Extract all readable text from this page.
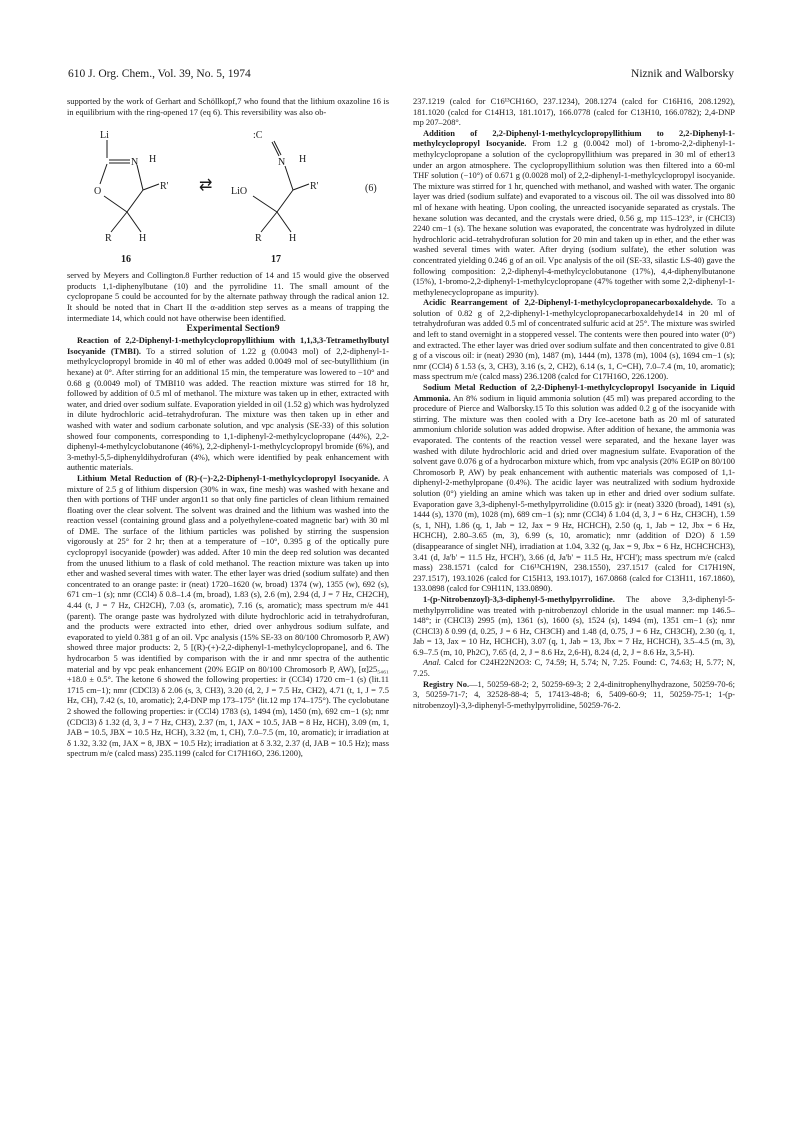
610 J. Org. Chem., Vol. 39, No. 5, 1974	Niznik and Walborsky

supported by the work of Gerhart and Schöllkopf,7 who found that the lithium oxazoline 16 is in equilibrium with the ring-opened 17 (eq 6). This reversibility was also ob-

Li
N H
O	R'
R	H
⇄
:C
N H
LiO	R'
R	H
(6)
16	17

served by Meyers and Collington.8 Further reduction of 14 and 15 would give the observed products 1,1-diphenylbutane (10) and the pyrrolidine 11. The small amount of the cyclopropane 5 could be accounted for by the alternate pathway through the radical anion 12. It should be noted that in Chart II the α-addition step serves as a means of trapping the intermediate 14, which could not have otherwise been identified.

Experimental Section9

Reaction of 2,2-Diphenyl-1-methylcyclopropyllithium with 1,1,3,3-Tetramethylbutyl Isocyanide (TMBI). To a stirred solution of 1.22 g (0.0043 mol) of 2,2-diphenyl-1-methylcyclopropyl bromide in 40 ml of ether was added 0.0049 mol of sec-butyllithium (in hexane) at 0°. After stirring for an additional 15 min, the temperature was lowered to −10° and 0.68 g (0.0049 mol) of TMBI10 was added. The reaction mixture was stirred for 18 hr, followed by addition of 0.5 ml of methanol. The mixture was taken up in ether, extracted with water, and dried over sodium sulfate. Evaporation yielded in oil (1.52 g) which was hydrolyzed in dilute hydrochloric acid–tetrahydrofuran. The mixture was then taken up in ether and washed with water and sodium carbonate solution, and vpc analysis (SE-33) of this solution showed four components, corresponding to 1,1-diphenyl-2-methylcyclopropane (44%), 2,2-diphenyl-4-methylcyclobutanone (46%), 2,2-diphenyl-1-methylcyclopropyl bromide (6%), and 3-methyl-5,5-diphenyldihydrofuran (4%), which were identified by peak enhancement with authentic materials.

Lithium Metal Reduction of (R)-(−)-2,2-Diphenyl-1-methylcyclopropyl Isocyanide. A mixture of 2.5 g of lithium dispersion (30% in wax, fine mesh) was washed with hexane and then with portions of THF under argon11 so that only fine particles of clean lithium remained floating over the clear solvent. The solvent was drained and the lithium was washed into the reaction vessel (containing ground glass and a polyethylene-coated magnetic bar) with 30 ml of DME. The surface of the lithium particles was polished by stirring the suspension vigorously at 25° for 2 hr; then at a temperature of −10°, 0.395 g of the optically pure cyclopropyl isocyanide (powder) was added. After 10 min the deep red solution was decanted from the unused lithium to a flask of cold methanol. The reaction mixture was taken up into ether and washed several times with water. The ether layer was dried (sodium sulfate) and then concentrated to an orange paste: ir (neat) 1720–1620 (w, broad) 1374 (w), 1355 (w), 692 (s), 671 cm−1 (s); nmr (CCl4) δ 0.8–1.4 (m, broad), 1.83 (s), 2.6 (m), 2.94 (d, J = 7 Hz, CH2CH), 4.44 (t, J = 7 Hz, CH2CH), 7.03 (s, aromatic), 7.16 (s, aromatic); mass spectrum m/e 441 (parent). The orange paste was hydrolyzed with dilute hydrochloric acid in tetrahydrofuran, and the products were extracted into ether, dried over anhydrous sodium sulfate, and evaporated to yield 0.381 g of an oil. Vpc analysis (15% SE-33 on 80/100 Chromosorb P, AW) showed three major products: 2, 5 [(R)-(+)-2,2-diphenyl-1-methylcyclopropane], and 6. The hydrocarbon 5 was identified by comparison with the ir and nmr spectra of the authentic material and by vpc peak enhancement (20% EGIP on 80/100 Chromosorb P, AW), [α]25₅₄₆₁ +18.0 ± 0.5°. The ketone 6 showed the following properties: ir (CCl4) 1720 cm−1 (s) (lit.11 1715 cm−1); nmr (CDCl3) δ 2.06 (s, 3, CH3), 3.20 (d, 2, J = 7.5 Hz, CH2), 4.71 (t, 1, J = 7.5 Hz, CH), 7.42 (s, 10, aromatic); 2,4-DNP mp 173–175° (lit.12 mp 174–175°). The cyclobutane 2 showed the following properties: ir (CCl4) 1783 (s), 1494 (m), 1450 (m), 692 cm−1 (s); nmr (CDCl3) δ 1.32 (d, 3, J = 7 Hz, CH3), 2.37 (m, 1, JAX = 10.5, JAB = 8 Hz, HCH), 3.09 (m, 1, JAB = 10.5, JBX = 10.5 Hz, HCH), 3.32 (m, 1, CH), 7.0–7.5 (m, 10, aromatic); ir irradiation at δ 1.32, 3.32 (m, JAX = 8, JBX = 10.5 Hz); irradiation at δ 3.32, 2.37 (d, JAB = 10.5 Hz); mass spectrum m/e (calcd mass) 235.1199 (calcd for C17H16O, 236.1200),

237.1219 (calcd for C16¹³CH16O, 237.1234), 208.1274 (calcd for C16H16, 208.1292), 181.1020 (calcd for C14H13, 181.1017), 166.0778 (calcd for C13H10, 166.0782); 2,4-DNP mp 207–208°.

Addition of 2,2-Diphenyl-1-methylcyclopropyllithium to 2,2-Diphenyl-1-methylcyclopropyl Isocyanide. From 1.2 g (0.0042 mol) of 1-bromo-2,2-diphenyl-1-methylcyclopropane a solution of the cyclopropyllithium was prepared in 30 ml of ether13 under an argon atmosphere. The cyclopropyllithium solution was then filtered into a 60-ml THF solution (−10°) of 0.671 g (0.0028 mol) of 2,2-diphenyl-1-methylcyclopropyl isocyanide. The mixture was stirred for 1 hr, quenched with methanol, and washed with water. The organic layer was dried (sodium sulfate) and evaporated to a viscous oil. The oil was dissolved into 80 ml of hexane with heating. Upon cooling, the unreacted isocyanide separated as crystals. The hexane solution was decanted, and the crystals were dried, 0.56 g, mp 115–123°, ir (CHCl3) 2240 cm−1 (s). The hexane solution was evaporated, the concentrate was hydrolyzed in dilute hydrochloric acid–tetrahydrofuran solution for 20 min and taken up in ether, and the ether was washed several times with water. After drying (sodium sulfate), the ether solution was concentrated yielding 0.246 g of an oil. Vpc analysis of the oil (SE-33, silastic LS-40) gave the following composition: 2,2-diphenyl-4-methylcyclobutanone (17%), 4,4-diphenylbutanone (15%), 1-bromo-2,2-diphenyl-1-methylcyclopropane (47% together with some 2,2-diphenyl-1-methylenecyclopropane as impurity).

Acidic Rearrangement of 2,2-Diphenyl-1-methylcyclopropanecarboxaldehyde. To a solution of 0.82 g of 2,2-diphenyl-1-methylcyclopropanecarboxaldehyde14 in 20 ml of tetrahydrofuran was added 0.5 ml of concentrated sulfuric acid at 25°. The mixture was swirled and left to stand overnight in a stoppered vessel. The contents were then poured into water (0°) and extracted. The ether layer was dried over sodium sulfate and then concentrated to give 0.81 g of a viscous oil: ir (neat) 2930 (m), 1487 (m), 1444 (m), 1378 (m), 1004 (s), 1694 cm−1 (s); nmr (CCl4) δ 1.53 (s, 3, CH3), 3.16 (s, 2, CH2), 6.14 (s, 1, C=CH), 7.0–7.4 (m, 10, aromatic); mass spectrum m/e (calcd mass) 236.1208 (calcd for C17H16O, 226.1200).

Sodium Metal Reduction of 2,2-Diphenyl-1-methylcyclopropyl Isocyanide in Liquid Ammonia. An 8% sodium in liquid ammonia solution (45 ml) was prepared according to the procedure of Pierce and Walborsky.15 To this solution was added 0.2 g of the isocyanide with stirring. The mixture was then cooled with a Dry Ice–acetone bath as 20 ml of saturated ammonium chloride solution was added dropwise. After addition of hexane, the ammonia was evaporated. The contents of the reaction vessel were separated, and the hexane layer was washed with dilute hydrochloric acid and dried over magnesium sulfate. Evaporation of the solvent gave 0.076 g of a hydrocarbon mixture which, from vpc analysis (20% EGIP on 80/100 Chromosorb P, AW) by peak enhancement with authentic materials was composed of 1,1-diphenyl-2-methylpropane (0.4%). The acidic layer was neutralized with sodium hydroxide solution (0°) yielding an amine which was taken up in ether and dried over sodium sulfate. Evaporation gave 3,3-diphenyl-5-methylpyrrolidine (0.015 g): ir (neat) 3320 (broad), 1491 (s), 1444 (s), 1370 (m), 1028 (m), 689 cm−1 (s); nmr (CCl4) δ 1.04 (d, 3, J = 6 Hz, CH3CH), 1.59 (s, 1, NH), 1.86 (q, 1, Jab = 12, Jax = 9 Hz, HCHCH), 2.50 (q, 1, Jab = 12, Jbx = 6 Hz, HCHCH), 2.80–3.65 (m, 3), 6.99 (s, 10, aromatic); nmr (addition of D2O) δ 1.59 (disappearance of singlet NH), irradiation at 1.04, 3.32 (q, Jax = 9, Jbx = 6 Hz, HCHCHCH3), 3.41 (d, Ja'b' = 11.5 Hz, H'CH'), 3.66 (d, Ja'b' = 11.5 Hz, H'CH'); mass spectrum m/e (calcd mass) 238.1571 (calcd for C16¹³CH19N, 238.1550), 237.1517 (calcd for C17H19N, 237.1517), 193.1026 (calcd for C15H13, 193.1017), 167.0868 (calcd for C13H11, 167.1860), 133.0898 (calcd for C9H11N, 133.0890).

1-(p-Nitrobenzoyl)-3,3-diphenyl-5-methylpyrrolidine. The above 3,3-diphenyl-5-methylpyrrolidine was treated with p-nitrobenzoyl chloride in the usual manner: mp 146.5–148°; ir (CHCl3) 2995 (m), 1361 (s), 1600 (s), 1524 (s), 1494 (m), 1351 cm−1 (s); nmr (CHCl3) δ 0.99 (d, 0.25, J = 6 Hz, CH3CH) and 1.48 (d, 0.75, J = 6 Hz, CH3CH), 2.30 (q, 1, Jab = 13, Jax = 10 Hz, HCHCH), 3.07 (q, 1, Jab = 13, Jbx = 7 Hz, HCHCH), 3.5–4.5 (m, 3), 6.9–7.5 (m, 10, Ph2C), 7.65 (d, 2, J = 8.6 Hz, 2,6-H), 8.24 (d, 2, J = 8.6 Hz, 3,5-H).

Anal. Calcd for C24H22N2O3: C, 74.59; H, 5.74; N, 7.25. Found: C, 74.63; H, 5.77; N, 7.25.

Registry No.—1, 50259-68-2; 2, 50259-69-3; 2 2,4-dinitrophenylhydrazone, 50259-70-6; 3, 50259-71-7; 4, 32528-88-4; 5, 17413-48-8; 6, 5409-60-9; 11, 50259-75-1; 1-(p-nitrobenzoyl)-3,3-diphenyl-5-methylpyrrolidine, 50259-76-2.
